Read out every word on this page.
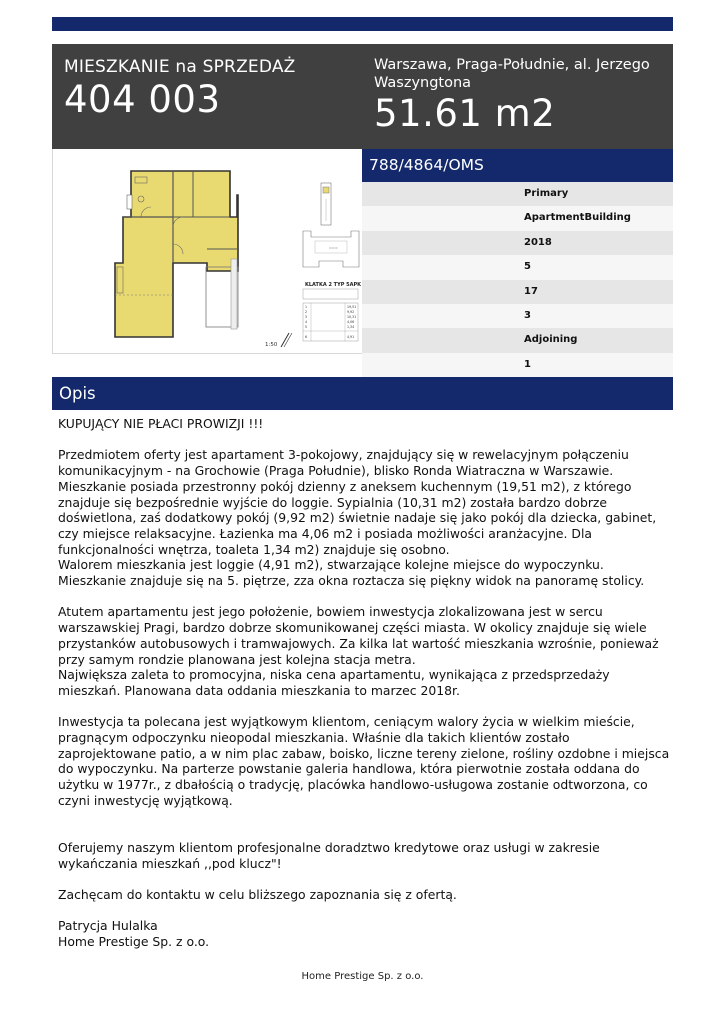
MIESZKANIE na SPRZEDAŻ
404 003
Warszawa, Praga-Południe, al. Jerzego Waszyngtona
51.61 m2
1:50
===
KLATKA 2 TYP 5APK
1	19,51
2	9,92
3	10,31
4	4,06
5	1,34
6	4,91
788/4864/OMS
Primary
ApartmentBuilding
2018
5
17
3
Adjoining
1
Opis

KUPUJĄCY NIE PŁACI PROWIZJI !!!

Przedmiotem oferty jest apartament 3-pokojowy, znajdujący się w rewelacyjnym połączeniu komunikacyjnym - na Grochowie (Praga Południe), blisko Ronda Wiatraczna w Warszawie.

Mieszkanie posiada przestronny pokój dzienny z aneksem kuchennym (19,51 m2), z którego znajduje się bezpośrednie wyjście do loggie. Sypialnia (10,31 m2) została bardzo dobrze doświetlona, zaś dodatkowy pokój (9,92 m2) świetnie nadaje się jako pokój dla dziecka, gabinet, czy miejsce relaksacyjne. Łazienka ma 4,06 m2 i posiada możliwości aranżacyjne. Dla funkcjonalności wnętrza, toaleta 1,34 m2) znajduje się osobno.

Walorem mieszkania jest loggie (4,91 m2), stwarzające kolejne miejsce do wypoczynku.

Mieszkanie znajduje się na 5. piętrze, zza okna roztacza się piękny widok na panoramę stolicy.

Atutem apartamentu jest jego położenie, bowiem inwestycja zlokalizowana jest w sercu warszawskiej Pragi, bardzo dobrze skomunikowanej części miasta. W okolicy znajduje się wiele przystanków autobusowych i tramwajowych. Za kilka lat wartość mieszkania wzrośnie, ponieważ przy samym rondzie planowana jest kolejna stacja metra.

Największa zaleta to promocyjna, niska cena apartamentu, wynikająca z przedsprzedaży mieszkań. Planowana data oddania mieszkania to marzec 2018r.

Inwestycja ta polecana jest wyjątkowym klientom, ceniącym walory życia w wielkim mieście, pragnącym odpoczynku nieopodal mieszkania. Właśnie dla takich klientów zostało zaprojektowane patio, a w nim plac zabaw, boisko, liczne tereny zielone, rośliny ozdobne i miejsca do wypoczynku. Na parterze powstanie galeria handlowa, która pierwotnie została oddana do użytku w 1977r., z dbałością o tradycję, placówka handlowo-usługowa zostanie odtworzona, co czyni inwestycję wyjątkową.

Oferujemy naszym klientom profesjonalne doradztwo kredytowe oraz usługi w zakresie wykańczania mieszkań ,,pod klucz"!

Zachęcam do kontaktu w celu bliższego zapoznania się z ofertą.

Patrycja Hulalka

Home Prestige Sp. z o.o.

Home Prestige Sp. z o.o.
